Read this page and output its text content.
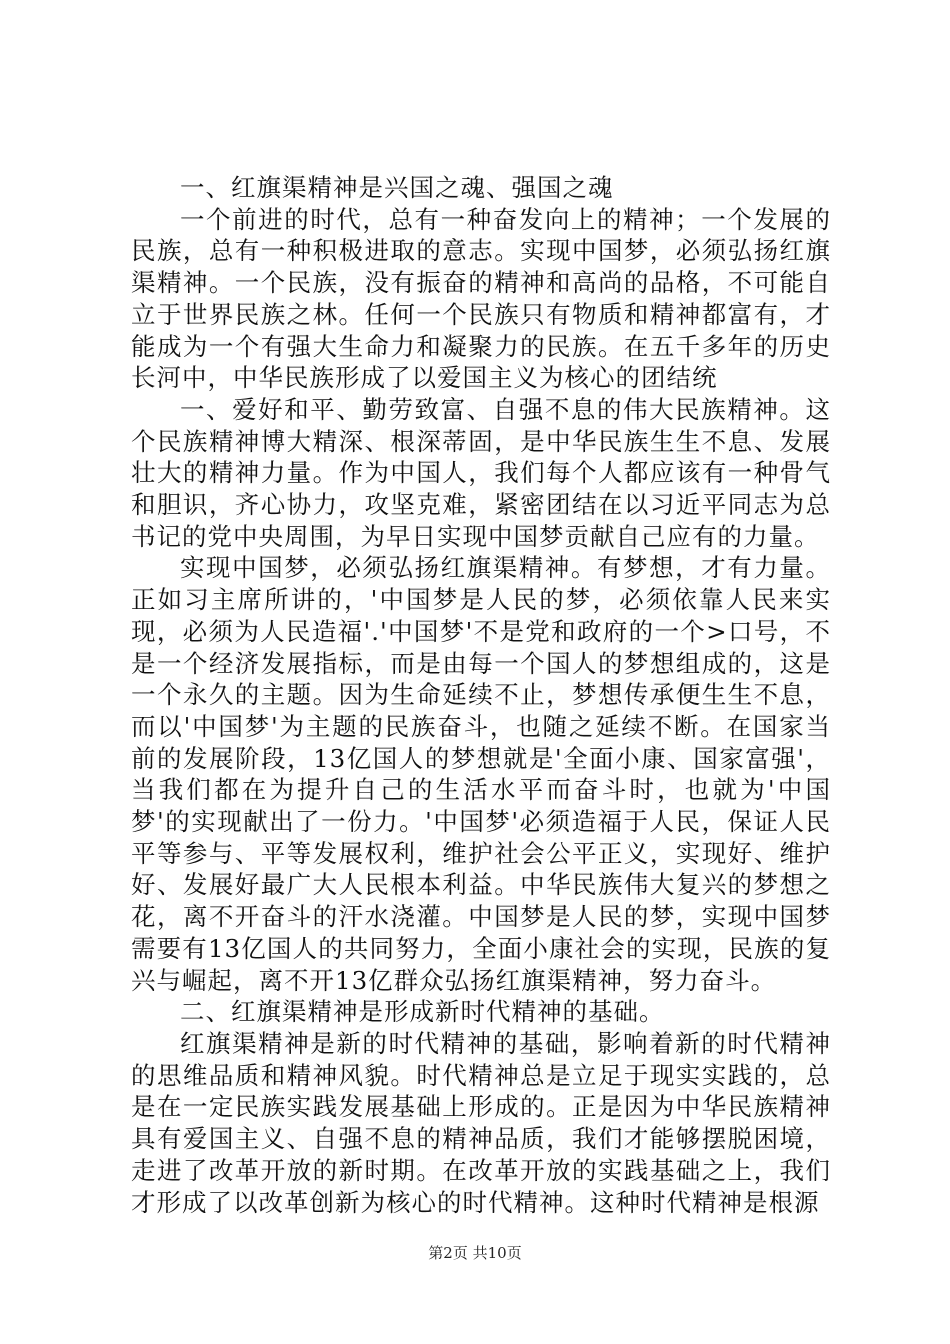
一、红旗渠精神是兴国之魂、强国之魂

一个前进的时代，总有一种奋发向上的精神；一个发展的民族，总有一种积极进取的意志。实现中国梦，必须弘扬红旗渠精神。一个民族，没有振奋的精神和高尚的品格，不可能自立于世界民族之林。任何一个民族只有物质和精神都富有，才能成为一个有强大生命力和凝聚力的民族。在五千多年的历史长河中，中华民族形成了以爱国主义为核心的团结统

一、爱好和平、勤劳致富、自强不息的伟大民族精神。这个民族精神博大精深、根深蒂固，是中华民族生生不息、发展壮大的精神力量。作为中国人，我们每个人都应该有一种骨气和胆识，齐心协力，攻坚克难，紧密团结在以习近平同志为总书记的党中央周围，为早日实现中国梦贡献自己应有的力量。

实现中国梦，必须弘扬红旗渠精神。有梦想，才有力量。正如习主席所讲的，'中国梦是人民的梦，必须依靠人民来实现，必须为人民造福'.'中国梦'不是党和政府的一个>口号，不是一个经济发展指标，而是由每一个国人的梦想组成的，这是一个永久的主题。因为生命延续不止，梦想传承便生生不息，而以'中国梦'为主题的民族奋斗，也随之延续不断。在国家当前的发展阶段，13亿国人的梦想就是'全面小康、国家富强'，当我们都在为提升自己的生活水平而奋斗时，也就为'中国梦'的实现献出了一份力。'中国梦'必须造福于人民，保证人民平等参与、平等发展权利，维护社会公平正义，实现好、维护好、发展好最广大人民根本利益。中华民族伟大复兴的梦想之花，离不开奋斗的汗水浇灌。中国梦是人民的梦，实现中国梦需要有13亿国人的共同努力，全面小康社会的实现，民族的复兴与崛起，离不开13亿群众弘扬红旗渠精神，努力奋斗。

二、红旗渠精神是形成新时代精神的基础。

红旗渠精神是新的时代精神的基础，影响着新的时代精神的思维品质和精神风貌。时代精神总是立足于现实实践的，总是在一定民族实践发展基础上形成的。正是因为中华民族精神具有爱国主义、自强不息的精神品质，我们才能够摆脱困境，走进了改革开放的新时期。在改革开放的实践基础之上，我们才形成了以改革创新为核心的时代精神。这种时代精神是根源

第2页 共10页
